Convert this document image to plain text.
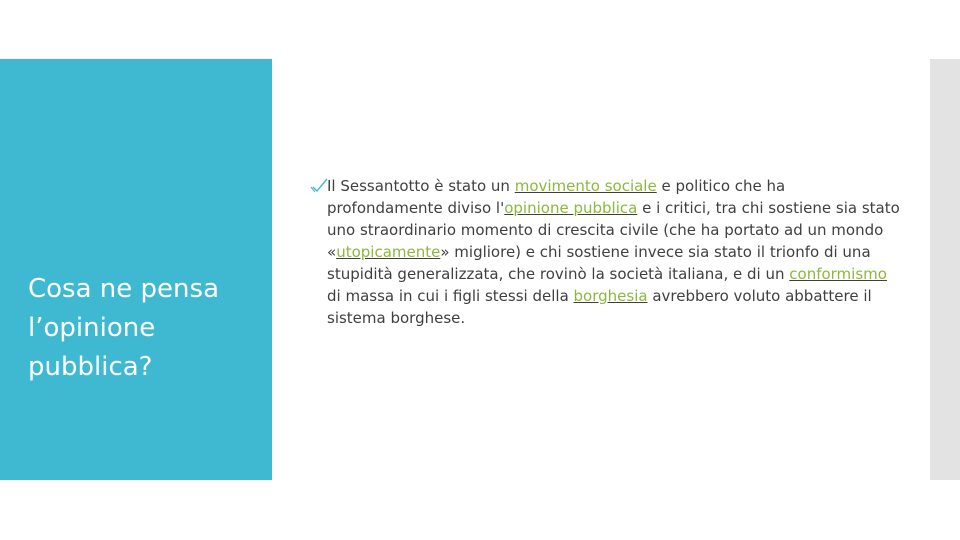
Cosa ne pensa l’opinione pubblica?

Il Sessantotto è stato un movimento sociale e politico che ha profondamente diviso l'opinione pubblica e i critici, tra chi sostiene sia stato uno straordinario momento di crescita civile (che ha portato ad un mondo «utopicamente» migliore) e chi sostiene invece sia stato il trionfo di una stupidità generalizzata, che rovinò la società italiana, e di un conformismo di massa in cui i figli stessi della borghesia avrebbero voluto abbattere il sistema borghese.
